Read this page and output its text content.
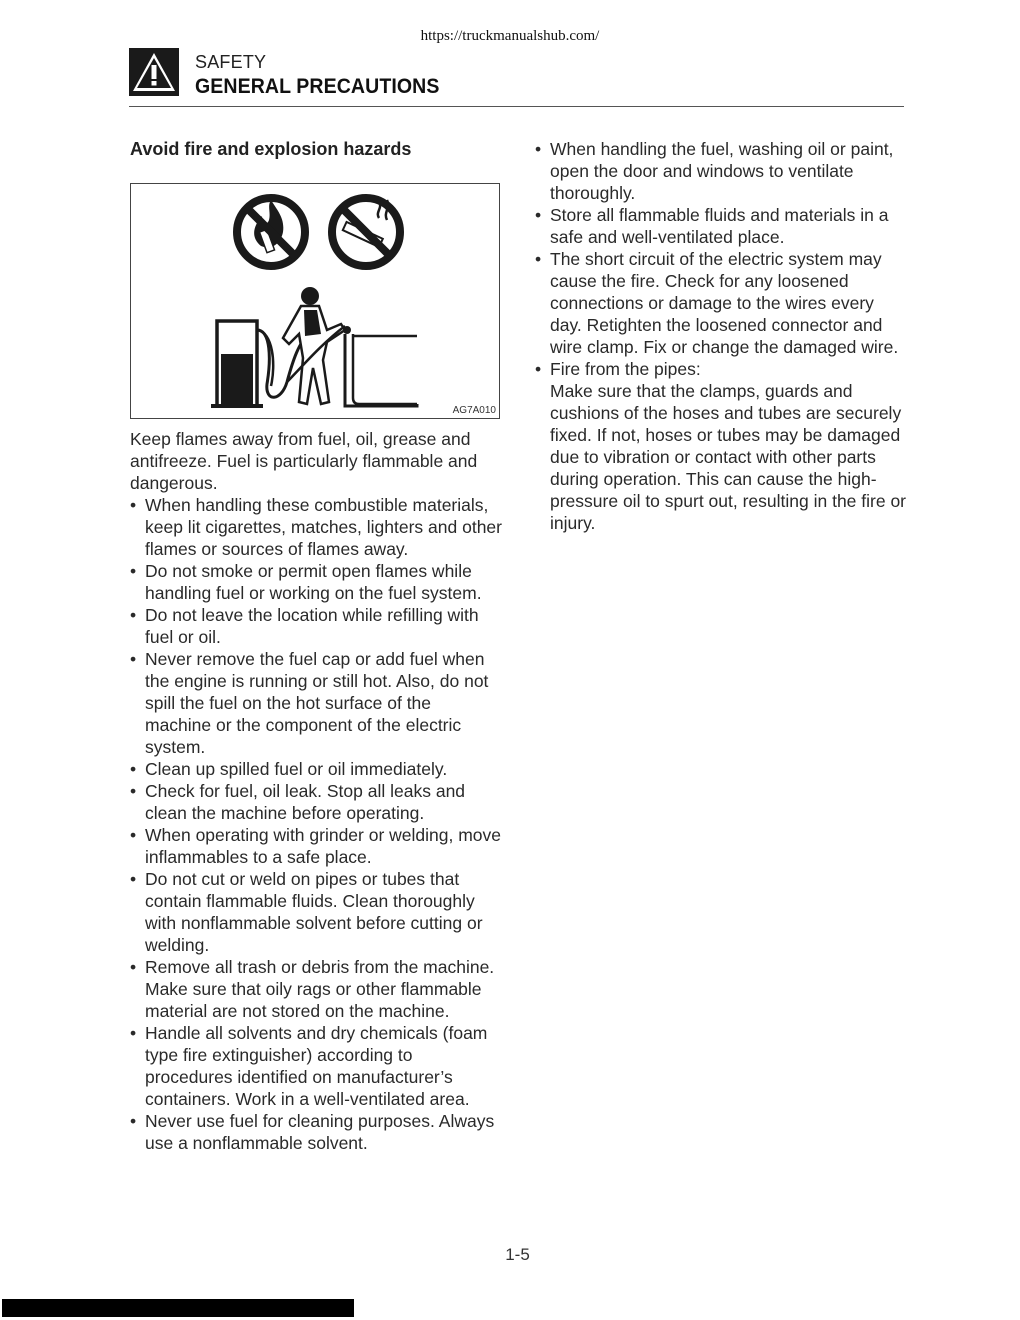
https://truckmanualshub.com/
SAFETY
GENERAL PRECAUTIONS
Avoid fire and explosion hazards
AG7A010

Keep flames away from fuel, oil, grease and antifreeze. Fuel is particularly flammable and dangerous.

• When handling these combustible materials, keep lit cigarettes, matches, lighters and other flames or sources of flames away.
• Do not smoke or permit open flames while handling fuel or working on the fuel system.
• Do not leave the location while refilling with fuel or oil.
• Never remove the fuel cap or add fuel when the engine is running or still hot. Also, do not spill the fuel on the hot surface of the machine or the component of the electric system.
• Clean up spilled fuel or oil immediately.
• Check for fuel, oil leak. Stop all leaks and clean the machine before operating.
• When operating with grinder or welding, move inflammables to a safe place.
• Do not cut or weld on pipes or tubes that contain flammable fluids. Clean thoroughly with nonflammable solvent before cutting or welding.
• Remove all trash or debris from the machine. Make sure that oily rags or other flammable material are not stored on the machine.
• Handle all solvents and dry chemicals (foam type fire extinguisher) according to procedures identified on manufacturer’s containers. Work in a well-ventilated area.
• Never use fuel for cleaning purposes. Always use a nonflammable solvent.
• When handling the fuel, washing oil or paint, open the door and windows to ventilate thoroughly.
• Store all flammable fluids and materials in a safe and well-ventilated place.
• The short circuit of the electric system may cause the fire. Check for any loosened connections or damage to the wires every day. Retighten the loosened connector and wire clamp. Fix or change the damaged wire.
• Fire from the pipes:
Make sure that the clamps, guards and cushions of the hoses and tubes are securely fixed. If not, hoses or tubes may be damaged due to vibration or contact with other parts during operation. This can cause the high-pressure oil to spurt out, resulting in the fire or injury.
1-5
